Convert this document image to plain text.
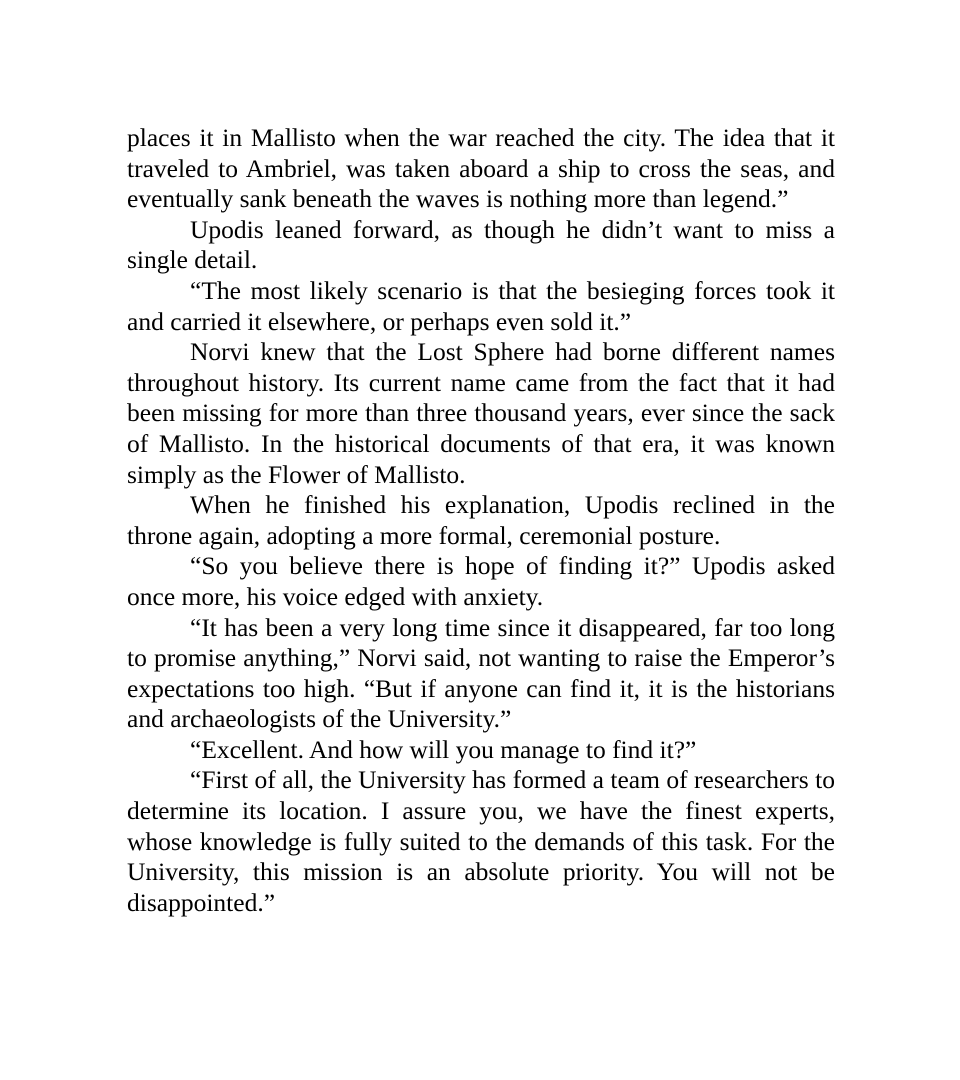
places it in Mallisto when the war reached the city. The idea that it traveled to Ambriel, was taken aboard a ship to cross the seas, and eventually sank beneath the waves is nothing more than legend.”

Upodis leaned forward, as though he didn’t want to miss a single detail.

“The most likely scenario is that the besieging forces took it and carried it elsewhere, or perhaps even sold it.”

Norvi knew that the Lost Sphere had borne different names throughout history. Its current name came from the fact that it had been missing for more than three thousand years, ever since the sack of Mallisto. In the historical documents of that era, it was known simply as the Flower of Mallisto.

When he finished his explanation, Upodis reclined in the throne again, adopting a more formal, ceremonial posture.

“So you believe there is hope of finding it?” Upodis asked once more, his voice edged with anxiety.

“It has been a very long time since it disappeared, far too long to promise anything,” Norvi said, not wanting to raise the Emperor’s expectations too high. “But if anyone can find it, it is the historians and archaeologists of the University.”

“Excellent. And how will you manage to find it?”

“First of all, the University has formed a team of researchers to determine its location. I assure you, we have the finest experts, whose knowledge is fully suited to the demands of this task. For the University, this mission is an absolute priority. You will not be disappointed.”
